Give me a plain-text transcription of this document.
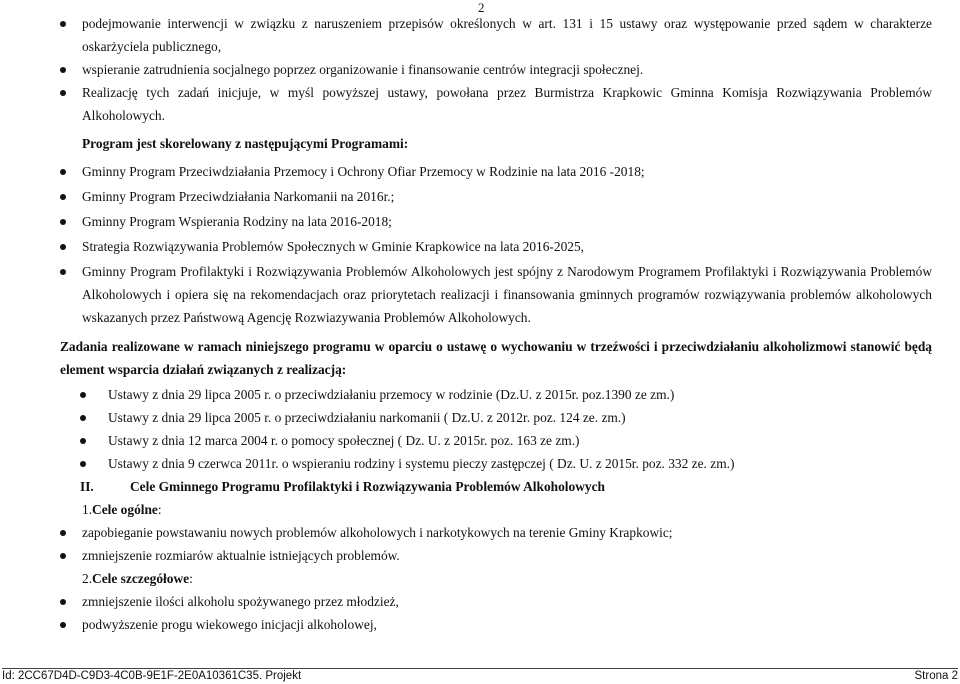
2
podejmowanie interwencji w związku z naruszeniem przepisów określonych w art. 131 i 15 ustawy oraz występowanie przed sądem w charakterze oskarżyciela publicznego,
wspieranie zatrudnienia socjalnego poprzez organizowanie i finansowanie centrów integracji społecznej.
Realizację tych zadań inicjuje, w myśl powyższej ustawy, powołana przez Burmistrza Krapkowic Gminna Komisja Rozwiązywania Problemów Alkoholowych.
Program jest skorelowany z następującymi Programami:
Gminny Program Przeciwdziałania Przemocy i Ochrony Ofiar Przemocy w Rodzinie na lata 2016 -2018;
Gminny Program Przeciwdziałania Narkomanii na 2016r.;
Gminny Program Wspierania Rodziny na lata 2016-2018;
Strategia Rozwiązywania Problemów Społecznych w Gminie Krapkowice na lata 2016-2025,
Gminny Program Profilaktyki i Rozwiązywania Problemów Alkoholowych jest spójny z Narodowym Programem Profilaktyki i Rozwiązywania Problemów Alkoholowych i opiera się na rekomendacjach oraz priorytetach realizacji i finansowania gminnych programów rozwiązywania problemów alkoholowych wskazanych przez Państwową Agencję Rozwiazywania Problemów Alkoholowych.

Zadania realizowane w ramach niniejszego programu w oparciu o ustawę o wychowaniu w trzeźwości i przeciwdziałaniu alkoholizmowi stanowić będą element wsparcia działań związanych z realizacją:

Ustawy z dnia 29 lipca 2005 r. o przeciwdziałaniu przemocy w rodzinie (Dz.U. z 2015r. poz.1390 ze zm.)
Ustawy z dnia 29 lipca 2005 r. o przeciwdziałaniu narkomanii ( Dz.U. z 2012r. poz. 124 ze. zm.)
Ustawy z dnia 12 marca 2004 r. o pomocy społecznej ( Dz. U. z 2015r. poz. 163 ze zm.)
Ustawy z dnia 9 czerwca 2011r. o wspieraniu rodziny i systemu pieczy zastępczej ( Dz. U. z 2015r. poz. 332 ze. zm.)
II.	Cele Gminnego Programu Profilaktyki i Rozwiązywania Problemów Alkoholowych
1.Cele ogólne:
zapobieganie powstawaniu nowych problemów alkoholowych i narkotykowych na terenie Gminy Krapkowic;
zmniejszenie rozmiarów aktualnie istniejących problemów.
2.Cele szczegółowe:
zmniejszenie ilości alkoholu spożywanego przez młodzież,
podwyższenie progu wiekowego inicjacji alkoholowej,
Id: 2CC67D4D-C9D3-4C0B-9E1F-2E0A10361C35. Projekt	Strona 2
